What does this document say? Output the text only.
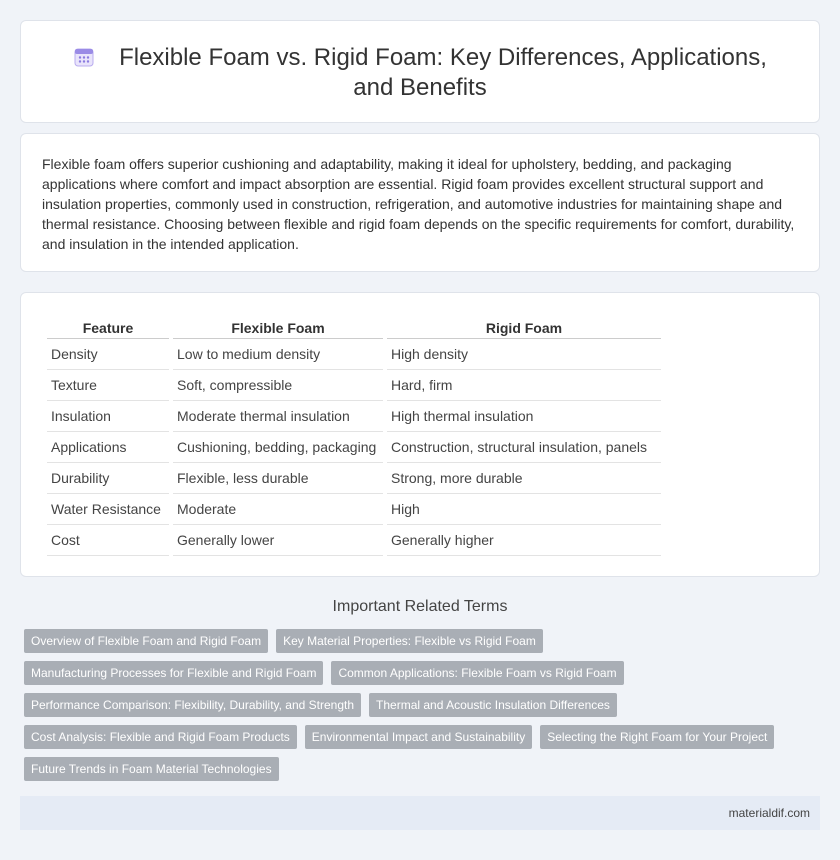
Flexible Foam vs. Rigid Foam: Key Differences, Applications, and Benefits

Flexible foam offers superior cushioning and adaptability, making it ideal for upholstery, bedding, and packaging applications where comfort and impact absorption are essential. Rigid foam provides excellent structural support and insulation properties, commonly used in construction, refrigeration, and automotive industries for maintaining shape and thermal resistance. Choosing between flexible and rigid foam depends on the specific requirements for comfort, durability, and insulation in the intended application.

Feature	Flexible Foam	Rigid Foam
Density	Low to medium density	High density
Texture	Soft, compressible	Hard, firm
Insulation	Moderate thermal insulation	High thermal insulation
Applications	Cushioning, bedding, packaging	Construction, structural insulation, panels
Durability	Flexible, less durable	Strong, more durable
Water Resistance	Moderate	High
Cost	Generally lower	Generally higher
Important Related Terms
Overview of Flexible Foam and Rigid Foam	Key Material Properties: Flexible vs Rigid Foam
Manufacturing Processes for Flexible and Rigid Foam	Common Applications: Flexible Foam vs Rigid Foam
Performance Comparison: Flexibility, Durability, and Strength	Thermal and Acoustic Insulation Differences
Cost Analysis: Flexible and Rigid Foam Products	Environmental Impact and Sustainability	Selecting the Right Foam for Your Project
Future Trends in Foam Material Technologies
materialdif.com
